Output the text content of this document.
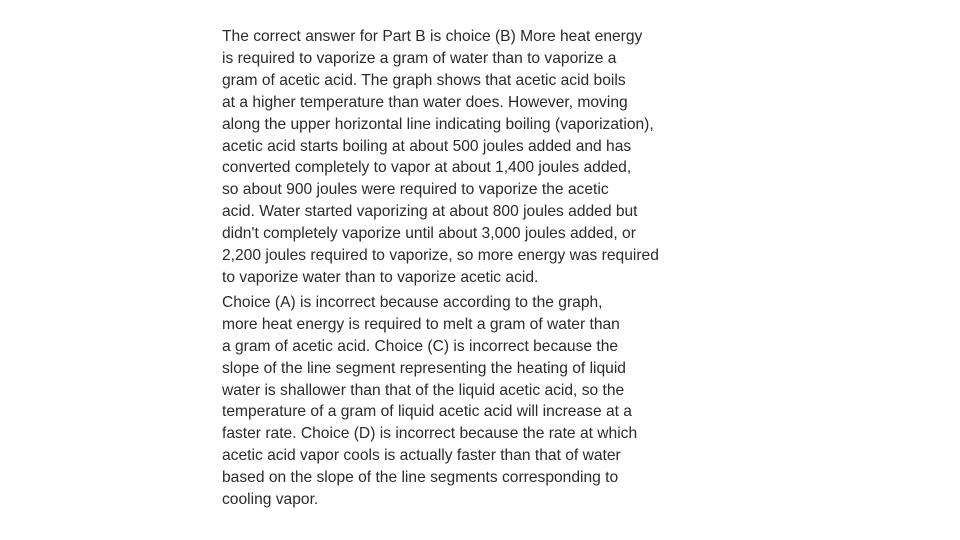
The correct answer for Part B is choice (B) More heat energy
is required to vaporize a gram of water than to vaporize a
gram of acetic acid. The graph shows that acetic acid boils
at a higher temperature than water does. However, moving
along the upper horizontal line indicating boiling (vaporization),
acetic acid starts boiling at about 500 joules added and has
converted completely to vapor at about 1,400 joules added,
so about 900 joules were required to vaporize the acetic
acid. Water started vaporizing at about 800 joules added but
didn't completely vaporize until about 3,000 joules added, or
2,200 joules required to vaporize, so more energy was required
to vaporize water than to vaporize acetic acid.

Choice (A) is incorrect because according to the graph,
more heat energy is required to melt a gram of water than
a gram of acetic acid. Choice (C) is incorrect because the
slope of the line segment representing the heating of liquid
water is shallower than that of the liquid acetic acid, so the
temperature of a gram of liquid acetic acid will increase at a
faster rate. Choice (D) is incorrect because the rate at which
acetic acid vapor cools is actually faster than that of water
based on the slope of the line segments corresponding to
cooling vapor.
